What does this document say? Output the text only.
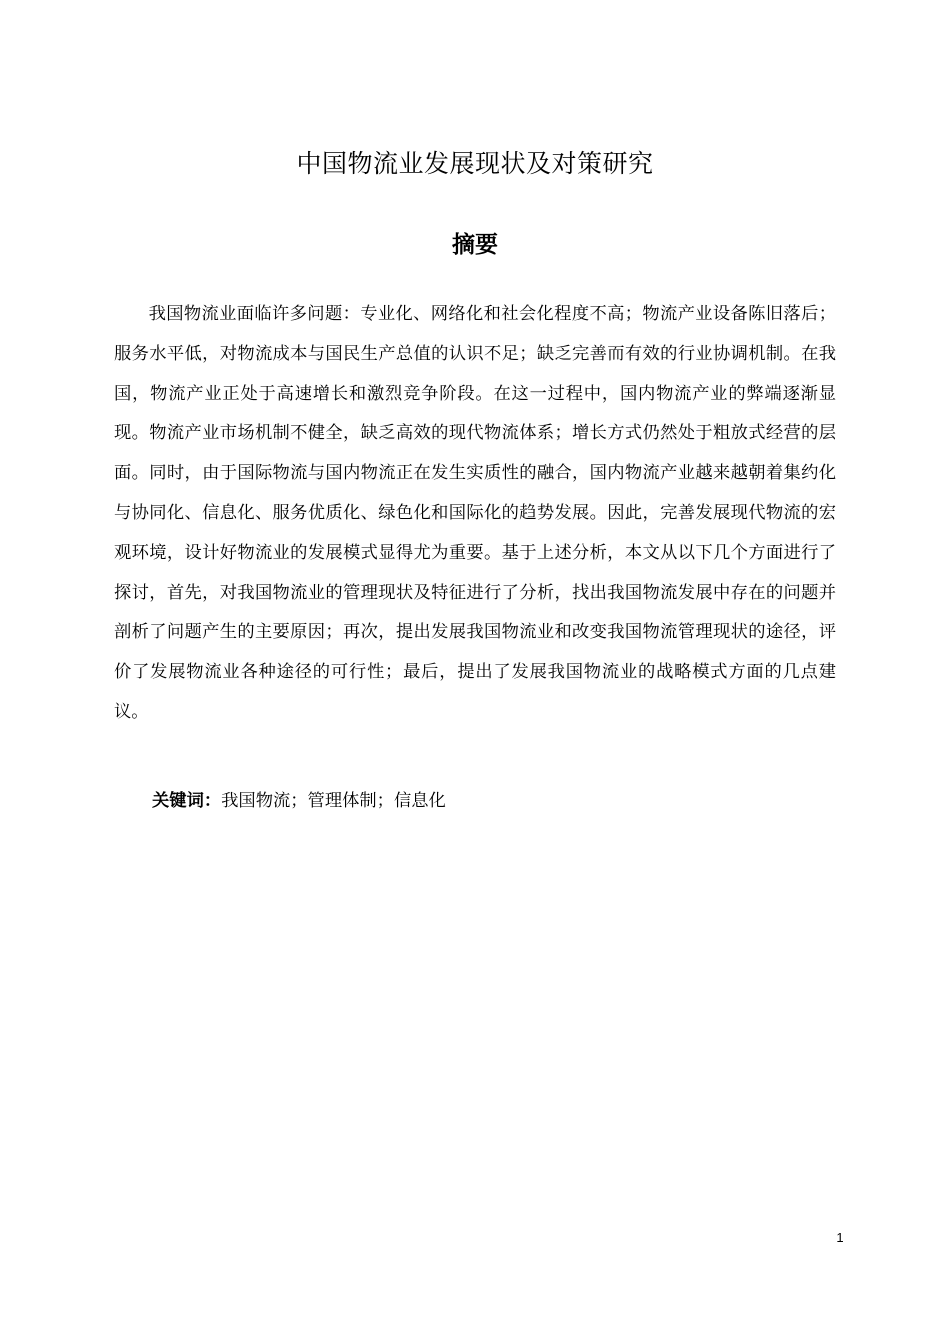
中国物流业发展现状及对策研究
摘要

我国物流业面临许多问题：专业化、网络化和社会化程度不高；物流产业设备陈旧落后；服务水平低，对物流成本与国民生产总值的认识不足；缺乏完善而有效的行业协调机制。在我国，物流产业正处于高速增长和激烈竞争阶段。在这一过程中，国内物流产业的弊端逐渐显现。物流产业市场机制不健全，缺乏高效的现代物流体系；增长方式仍然处于粗放式经营的层面。同时，由于国际物流与国内物流正在发生实质性的融合，国内物流产业越来越朝着集约化与协同化、信息化、服务优质化、绿色化和国际化的趋势发展。因此，完善发展现代物流的宏观环境，设计好物流业的发展模式显得尤为重要。基于上述分析，本文从以下几个方面进行了探讨，首先，对我国物流业的管理现状及特征进行了分析，找出我国物流发展中存在的问题并剖析了问题产生的主要原因；再次，提出发展我国物流业和改变我国物流管理现状的途径，评价了发展物流业各种途径的可行性；最后，提出了发展我国物流业的战略模式方面的几点建议。

关键词：我国物流；管理体制；信息化

1
